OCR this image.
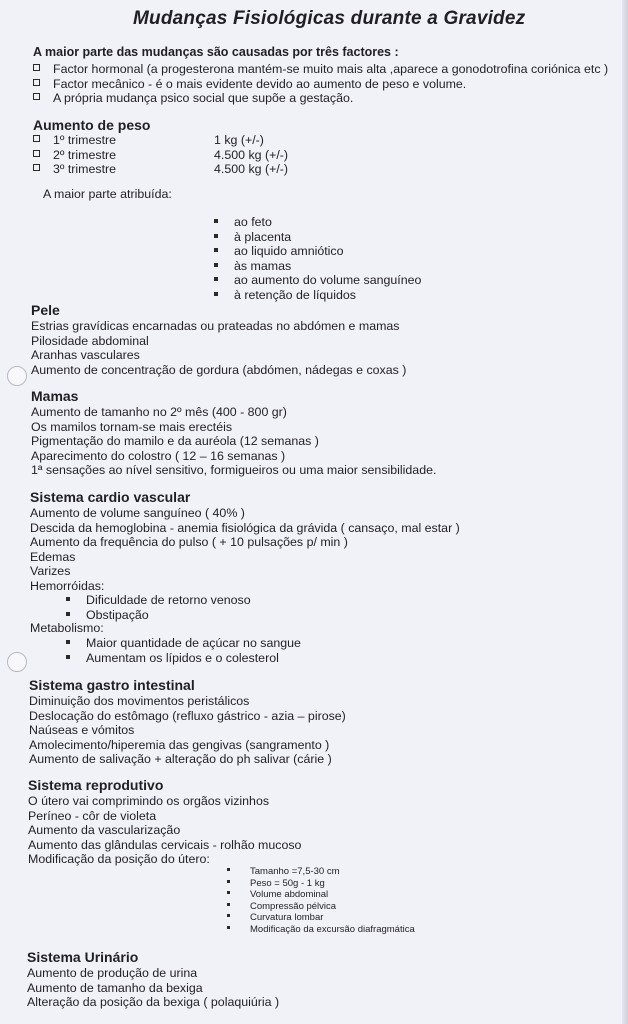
Mudanças Fisiológicas durante a Gravidez
A maior parte das mudanças são causadas por três factores :
Factor hormonal (a progesterona mantém-se muito mais alta ,aparece a gonodotrofina coriónica etc )
Factor mecânico - é o mais evidente devido ao aumento de peso e volume.
A própria mudança psico social que supõe a gestação.
Aumento de peso
1º trimestre
2º trimestre
3º trimestre
1 kg (+/-)
4.500 kg (+/-)
4.500 kg (+/-)
A maior parte atribuída:
ao feto
à placenta
ao liquido amniótico
às mamas
ao aumento do volume sanguíneo
à retenção de líquidos
Pele
Estrias gravídicas encarnadas ou prateadas no abdómen e mamas
Pilosidade abdominal
Aranhas vasculares
Aumento de concentração de gordura (abdómen, nádegas e coxas )
Mamas
Aumento de tamanho no 2º mês (400 - 800 gr)
Os mamilos tornam-se mais erectéis
Pigmentação do mamilo e da auréola (12 semanas )
Aparecimento do colostro ( 12 – 16 semanas )
1ª sensações ao nível sensitivo, formigueiros ou uma maior sensibilidade.
Sistema cardio vascular
Aumento de volume sanguíneo ( 40% )
Descida da hemoglobina - anemia fisiológica da grávida ( cansaço, mal estar )
Aumento da frequência do pulso ( + 10 pulsações p/ min )
Edemas
Varizes
Hemorróidas:
Dificuldade de retorno venoso
Obstipação
Metabolismo:
Maior quantidade de açúcar no sangue
Aumentam os lípidos e o colesterol
Sistema gastro intestinal
Diminuição dos movimentos peristálicos
Deslocação do estômago (refluxo gástrico - azia – pirose)
Naúseas e vómitos
Amolecimento/hiperemia das gengivas (sangramento )
Aumento de salivação + alteração do ph salivar (cárie )
Sistema reprodutivo
O útero vai comprimindo os orgãos vizinhos
Períneo - côr de violeta
Aumento da vascularização
Aumento das glândulas cervicais - rolhão mucoso
Modificação da posição do útero:
Tamanho =7,5-30 cm
Peso = 50g - 1 kg
Volume abdominal
Compressão pélvica
Curvatura lombar
Modificação da excursão diafragmática
Sistema Urinário
Aumento de produção de urina
Aumento de tamanho da bexiga
Alteração da posição da bexiga ( polaquiúria )
